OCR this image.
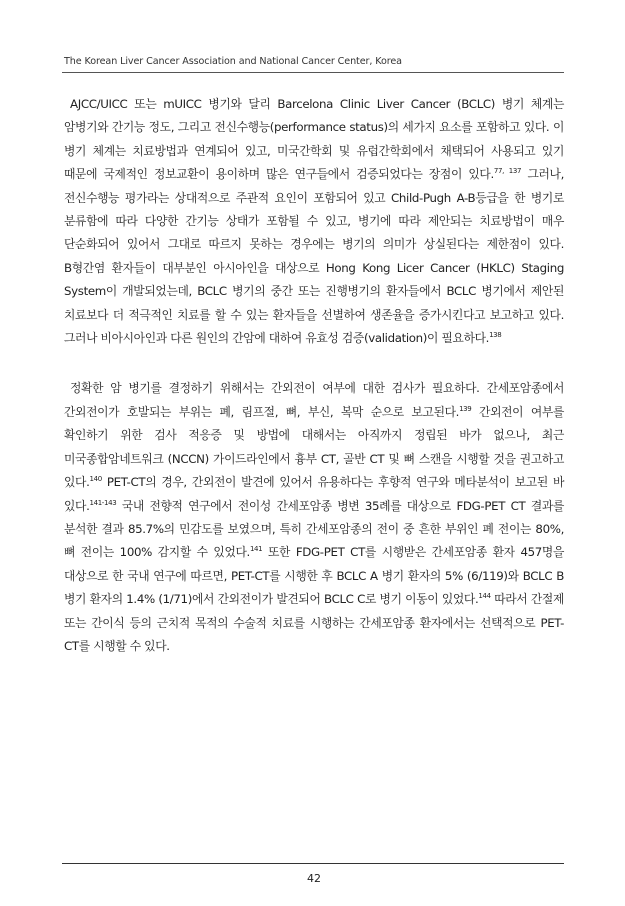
The Korean Liver Cancer Association and National Cancer Center, Korea

AJCC/UICC 또는 mUICC 병기와 달리 Barcelona Clinic Liver Cancer (BCLC) 병기 체계는 암병기와 간기능 정도, 그리고 전신수행능(performance status)의 세가지 요소를 포함하고 있다. 이 병기 체계는 치료방법과 연계되어 있고, 미국간학회 및 유럽간학회에서 채택되어 사용되고 있기 때문에 국제적인 정보교환이 용이하며 많은 연구들에서 검증되었다는 장점이 있다.$^{77, 137}$ 그러나, 전신수행능 평가라는 상대적으로 주관적 요인이 포함되어 있고 Child-Pugh A-B등급을 한 병기로 분류함에 따라 다양한 간기능 상태가 포함될 수 있고, 병기에 따라 제안되는 치료방법이 매우 단순화되어 있어서 그대로 따르지 못하는 경우에는 병기의 의미가 상실된다는 제한점이 있다. B형간염 환자들이 대부분인 아시아인을 대상으로 Hong Kong Licer Cancer (HKLC) Staging System이 개발되었는데, BCLC 병기의 중간 또는 진행병기의 환자들에서 BCLC 병기에서 제안된 치료보다 더 적극적인 치료를 할 수 있는 환자들을 선별하여 생존율을 증가시킨다고 보고하고 있다. 그러나 비아시아인과 다른 원인의 간암에 대하여 유효성 검증(validation)이 필요하다.$^{138}$

정확한 암 병기를 결정하기 위해서는 간외전이 여부에 대한 검사가 필요하다. 간세포암종에서 간외전이가 호발되는 부위는 폐, 림프절, 뼈, 부신, 복막 순으로 보고된다.$^{139}$ 간외전이 여부를 확인하기 위한 검사 적응증 및 방법에 대해서는 아직까지 정립된 바가 없으나, 최근 미국종합암네트워크 (NCCN) 가이드라인에서 흉부 CT, 골반 CT 및 뼈 스캔을 시행할 것을 권고하고 있다.$^{140}$ PET-CT의 경우, 간외전이 발견에 있어서 유용하다는 후향적 연구와 메타분석이 보고된 바 있다.$^{141-143}$ 국내 전향적 연구에서 전이성 간세포암종 병변 35례를 대상으로 FDG-PET CT 결과를 분석한 결과 85.7%의 민감도를 보였으며, 특히 간세포암종의 전이 중 흔한 부위인 폐 전이는 80%, 뼈 전이는 100% 감지할 수 있었다.$^{141}$ 또한 FDG-PET CT를 시행받은 간세포암종 환자 457명을 대상으로 한 국내 연구에 따르면, PET-CT를 시행한 후 BCLC A 병기 환자의 5% (6/119)와 BCLC B 병기 환자의 1.4% (1/71)에서 간외전이가 발견되어 BCLC C로 병기 이동이 있었다.$^{144}$ 따라서 간절제 또는 간이식 등의 근치적 목적의 수술적 치료를 시행하는 간세포암종 환자에서는 선택적으로 PET-CT를 시행할 수 있다.

42
